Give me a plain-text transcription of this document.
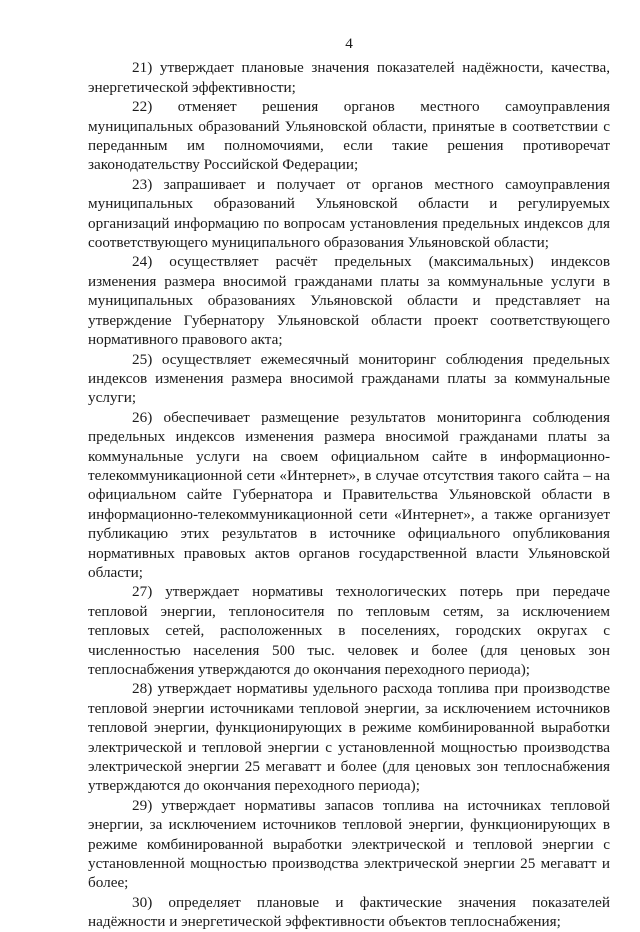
4

21) утверждает плановые значения показателей надёжности, качества, энергетической эффективности;

22) отменяет решения органов местного самоуправления муниципальных образований Ульяновской области, принятые в соответствии с переданным им полномочиями, если такие решения противоречат законодательству Российской Федерации;

23) запрашивает и получает от органов местного самоуправления муниципальных образований Ульяновской области и регулируемых организаций информацию по вопросам установления предельных индексов для соответствующего муниципального образования Ульяновской области;

24) осуществляет расчёт предельных (максимальных) индексов изменения размера вносимой гражданами платы за коммунальные услуги в муниципальных образованиях Ульяновской области и представляет на утверждение Губернатору Ульяновской области проект соответствующего нормативного правового акта;

25) осуществляет ежемесячный мониторинг соблюдения предельных индексов изменения размера вносимой гражданами платы за коммунальные услуги;

26) обеспечивает размещение результатов мониторинга соблюдения предельных индексов изменения размера вносимой гражданами платы за коммунальные услуги на своем официальном сайте в информационно-телекоммуникационной сети «Интернет», в случае отсутствия такого сайта – на официальном сайте Губернатора и Правительства Ульяновской области в информационно-телекоммуникационной сети «Интернет», а также организует публикацию этих результатов в источнике официального опубликования нормативных правовых актов органов государственной власти Ульяновской области;

27) утверждает нормативы технологических потерь при передаче тепловой энергии, теплоносителя по тепловым сетям, за исключением тепловых сетей, расположенных в поселениях, городских округах с численностью населения 500 тыс. человек и более (для ценовых зон теплоснабжения утверждаются до окончания переходного периода);

28) утверждает нормативы удельного расхода топлива при производстве тепловой энергии источниками тепловой энергии, за исключением источников тепловой энергии, функционирующих в режиме комбинированной выработки электрической и тепловой энергии с установленной мощностью производства электрической энергии 25 мегаватт и более (для ценовых зон теплоснабжения утверждаются до окончания переходного периода);

29) утверждает нормативы запасов топлива на источниках тепловой энергии, за исключением источников тепловой энергии, функционирующих в режиме комбинированной выработки электрической и тепловой энергии с установленной мощностью производства электрической энергии 25 мегаватт и более;

30) определяет плановые и фактические значения показателей надёжности и энергетической эффективности объектов теплоснабжения;
